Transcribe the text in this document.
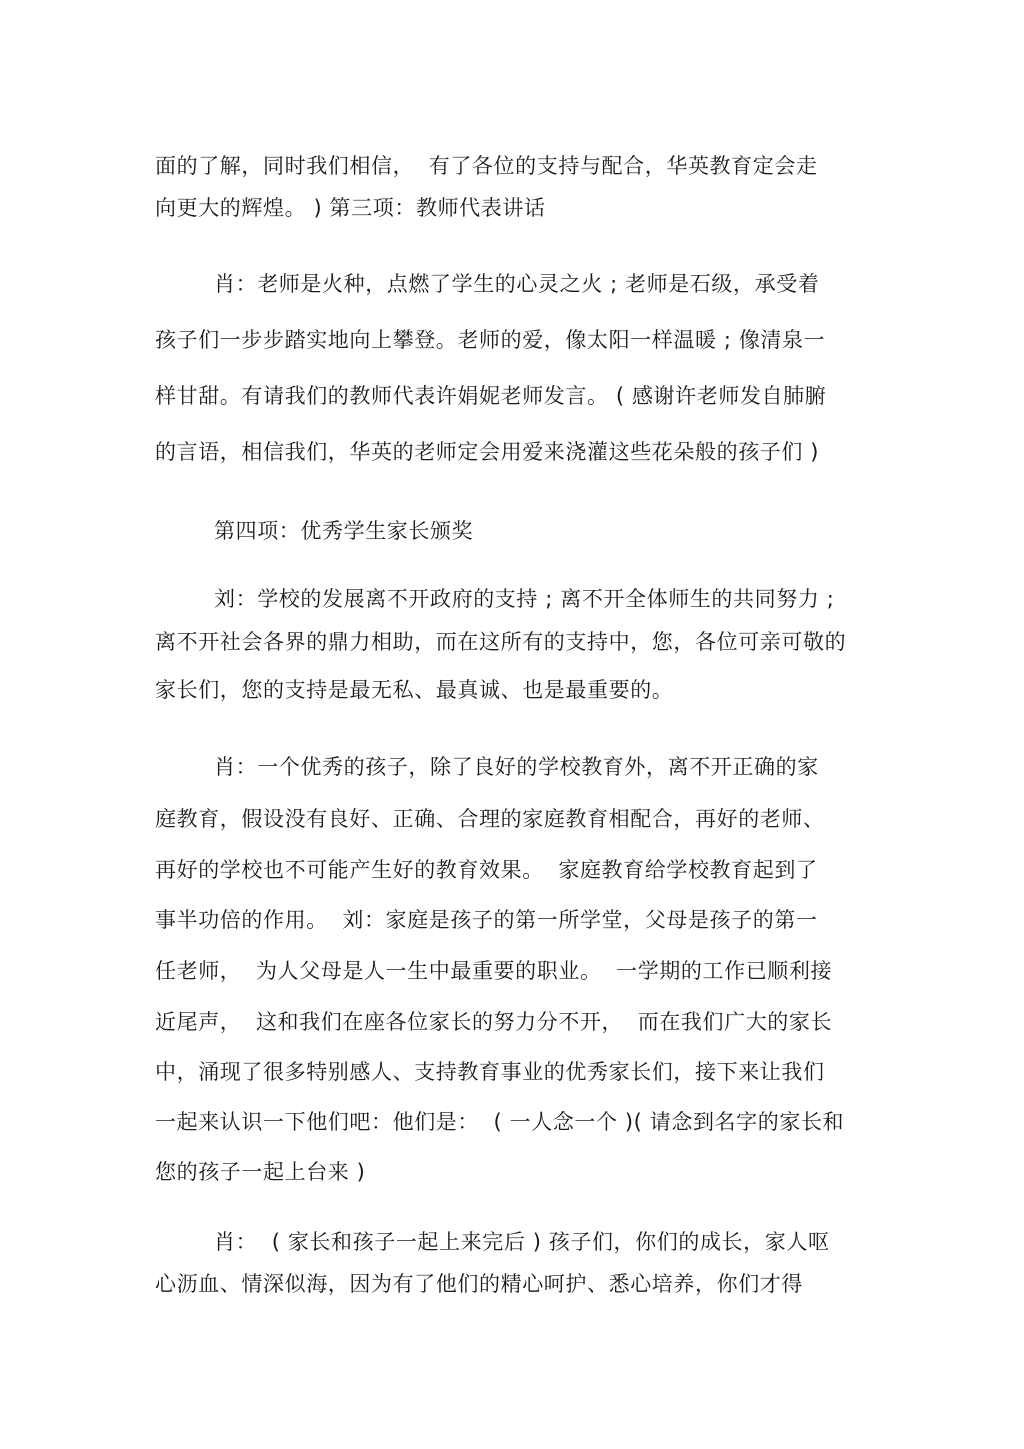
面的了解，同时我们相信，  有了各位的支持与配合，华英教育定会走
向更大的辉煌。 ) 第三项：教师代表讲话
肖：老师是火种，点燃了学生的心灵之火 ; 老师是石级，承受着
孩子们一步步踏实地向上攀登。老师的爱，像太阳一样温暖 ; 像清泉一
样甘甜。有请我们的教师代表许娟妮老师发言。 ( 感谢许老师发自肺腑
的言语，相信我们，华英的老师定会用爱来浇灌这些花朵般的孩子们 )
第四项：优秀学生家长颁奖
刘：学校的发展离不开政府的支持 ; 离不开全体师生的共同努力 ;
离不开社会各界的鼎力相助，而在这所有的支持中，您，各位可亲可敬的
家长们，您的支持是最无私、最真诚、也是最重要的。
肖：一个优秀的孩子，除了良好的学校教育外，离不开正确的家
庭教育，假设没有良好、正确、合理的家庭教育相配合，再好的老师、
再好的学校也不可能产生好的教育效果。  家庭教育给学校教育起到了
事半功倍的作用。  刘：家庭是孩子的第一所学堂，父母是孩子的第一
任老师，  为人父母是人一生中最重要的职业。  一学期的工作已顺利接
近尾声，  这和我们在座各位家长的努力分不开，  而在我们广大的家长
中，涌现了很多特别感人、支持教育事业的优秀家长们，接下来让我们
一起来认识一下他们吧：他们是：  ( 一人念一个 )( 请念到名字的家长和
您的孩子一起上台来 )
肖：  ( 家长和孩子一起上来完后 ) 孩子们，你们的成长，家人呕
心沥血、情深似海，因为有了他们的精心呵护、悉心培养，你们才得
